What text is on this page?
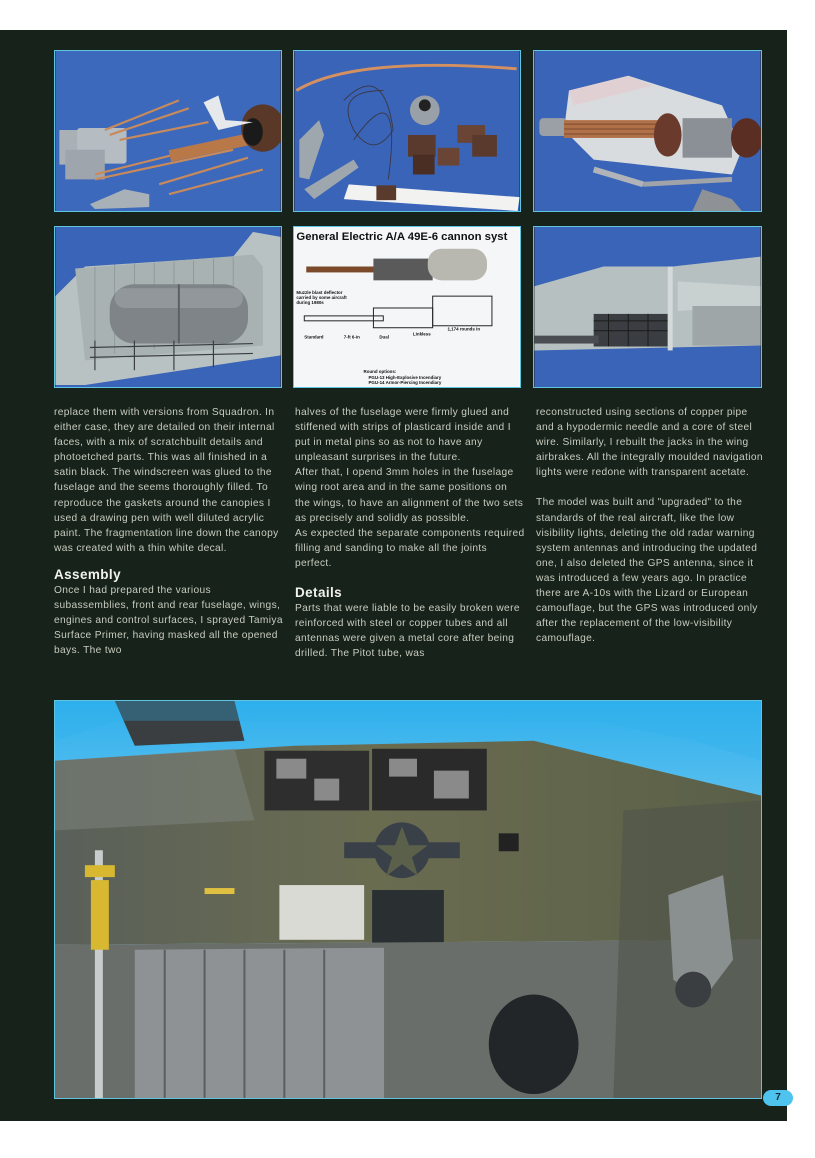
General Electric A/A 49E-6 cannon syst
Muzzle blast deflector
carried by some aircraft
during 1980s
Standard	7-ft 6-in	Dual
Linkless
1,174 rounds in
Round options:
PGU-13 High-Explosive Incendiary
PGU-14 Armor-Piercing Incendiary

replace them with versions from Squadron. In either case, they are detailed on their internal faces, with a mix of scratchbuilt details and photoetched parts. This was all finished in a satin black. The windscreen was glued to the fuselage and the seems thoroughly filled. To reproduce the gaskets around the canopies I used a drawing pen with well diluted acrylic paint. The fragmentation line down the canopy was created with a thin white decal.

Assembly

Once I had prepared the various subassemblies, front and rear fuselage, wings, engines and control surfaces, I sprayed Tamiya Surface Primer, having masked all the opened bays. The two

halves of the fuselage were firmly glued and stiffened with strips of plasticard inside and I put in metal pins so as not to have any unpleasant surprises in the future.

After that, I opend 3mm holes in the fuselage wing root area and in the same positions on the wings, to have an alignment of the two sets as precisely and solidly as possible.

As expected the separate components required filling and sanding to make all the joints perfect.

Details

Parts that were liable to be easily broken were reinforced with steel or copper tubes and all antennas were given a metal core after being drilled. The Pitot tube, was

reconstructed using sections of copper pipe and a hypodermic needle and a core of steel wire. Similarly, I rebuilt the jacks in the wing airbrakes. All the integrally moulded navigation lights were redone with transparent acetate.

The model was built and "upgraded" to the standards of the real aircraft, like the low visibility lights, deleting the old radar warning system antennas and introducing the updated one, I also deleted the GPS antenna, since it was introduced a few years ago. In practice there are A-10s with the Lizard or European camouflage, but the GPS was introduced only after the replacement of the low-visibility camouflage.

7
